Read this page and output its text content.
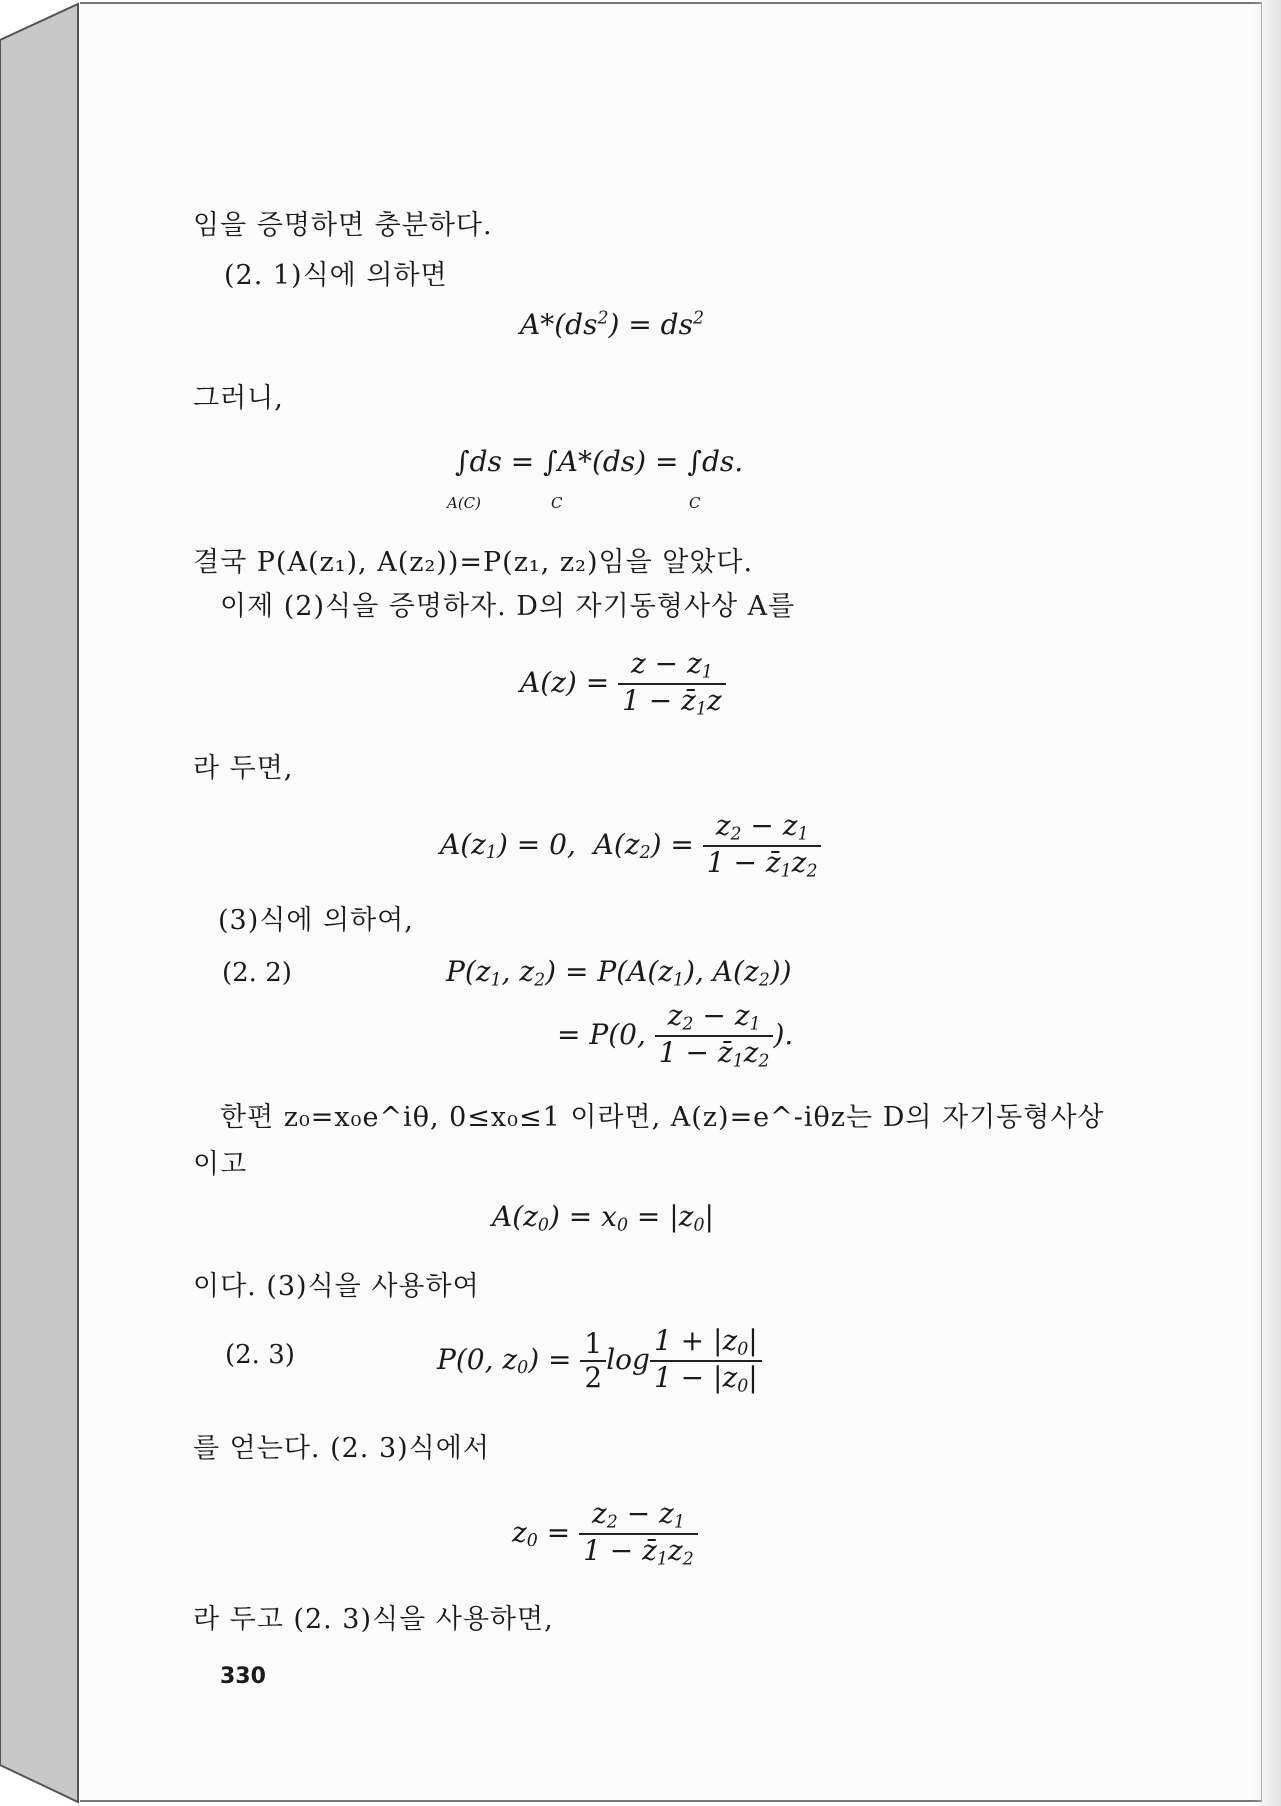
임을 증명하면 충분하다.
(2. 1)식에 의하면
$A*(ds^2) = ds^2$
그러니,
∫ds = ∫A*(ds) = ∫ds.
A(C)	C	C
결국 P(A(z₁), A(z₂))=P(z₁, z₂)임을 알았다.
이제 (2)식을 증명하자. D의 자기동형사상 A를
$A(z) = \frac{z - z_1}{1 - z̄_1z}$
라 두면,
$A(z_1) = 0$,  $A(z_2) = \frac{z_2 - z_1}{1 - z̄_1z_2}$
(3)식에 의하여,
(2. 2)	$P(z_1$, $z_2) = P(A(z_1)$, $A(z_2)$)
= P(0, $\frac{z_2 - z_1}{1 - z̄_1z_2}$ ).
한편 z₀=x₀e^iθ, 0≤x₀≤1 이라면, A(z)=e^-iθz는 D의 자기동형사상
이고
$A(z_0) = x_0 = |z_0|$
이다. (3)식을 사용하여
(2. 3)	P(0, $z_0) = \frac{1}{2}$ $\log \frac{1 + |z_0|}{1 - |z_0|}$
를 얻는다. (2. 3)식에서
$z_0 = \frac{z_2 - z_1}{1 - z̄_1z_2}$
라 두고 (2. 3)식을 사용하면,
330
